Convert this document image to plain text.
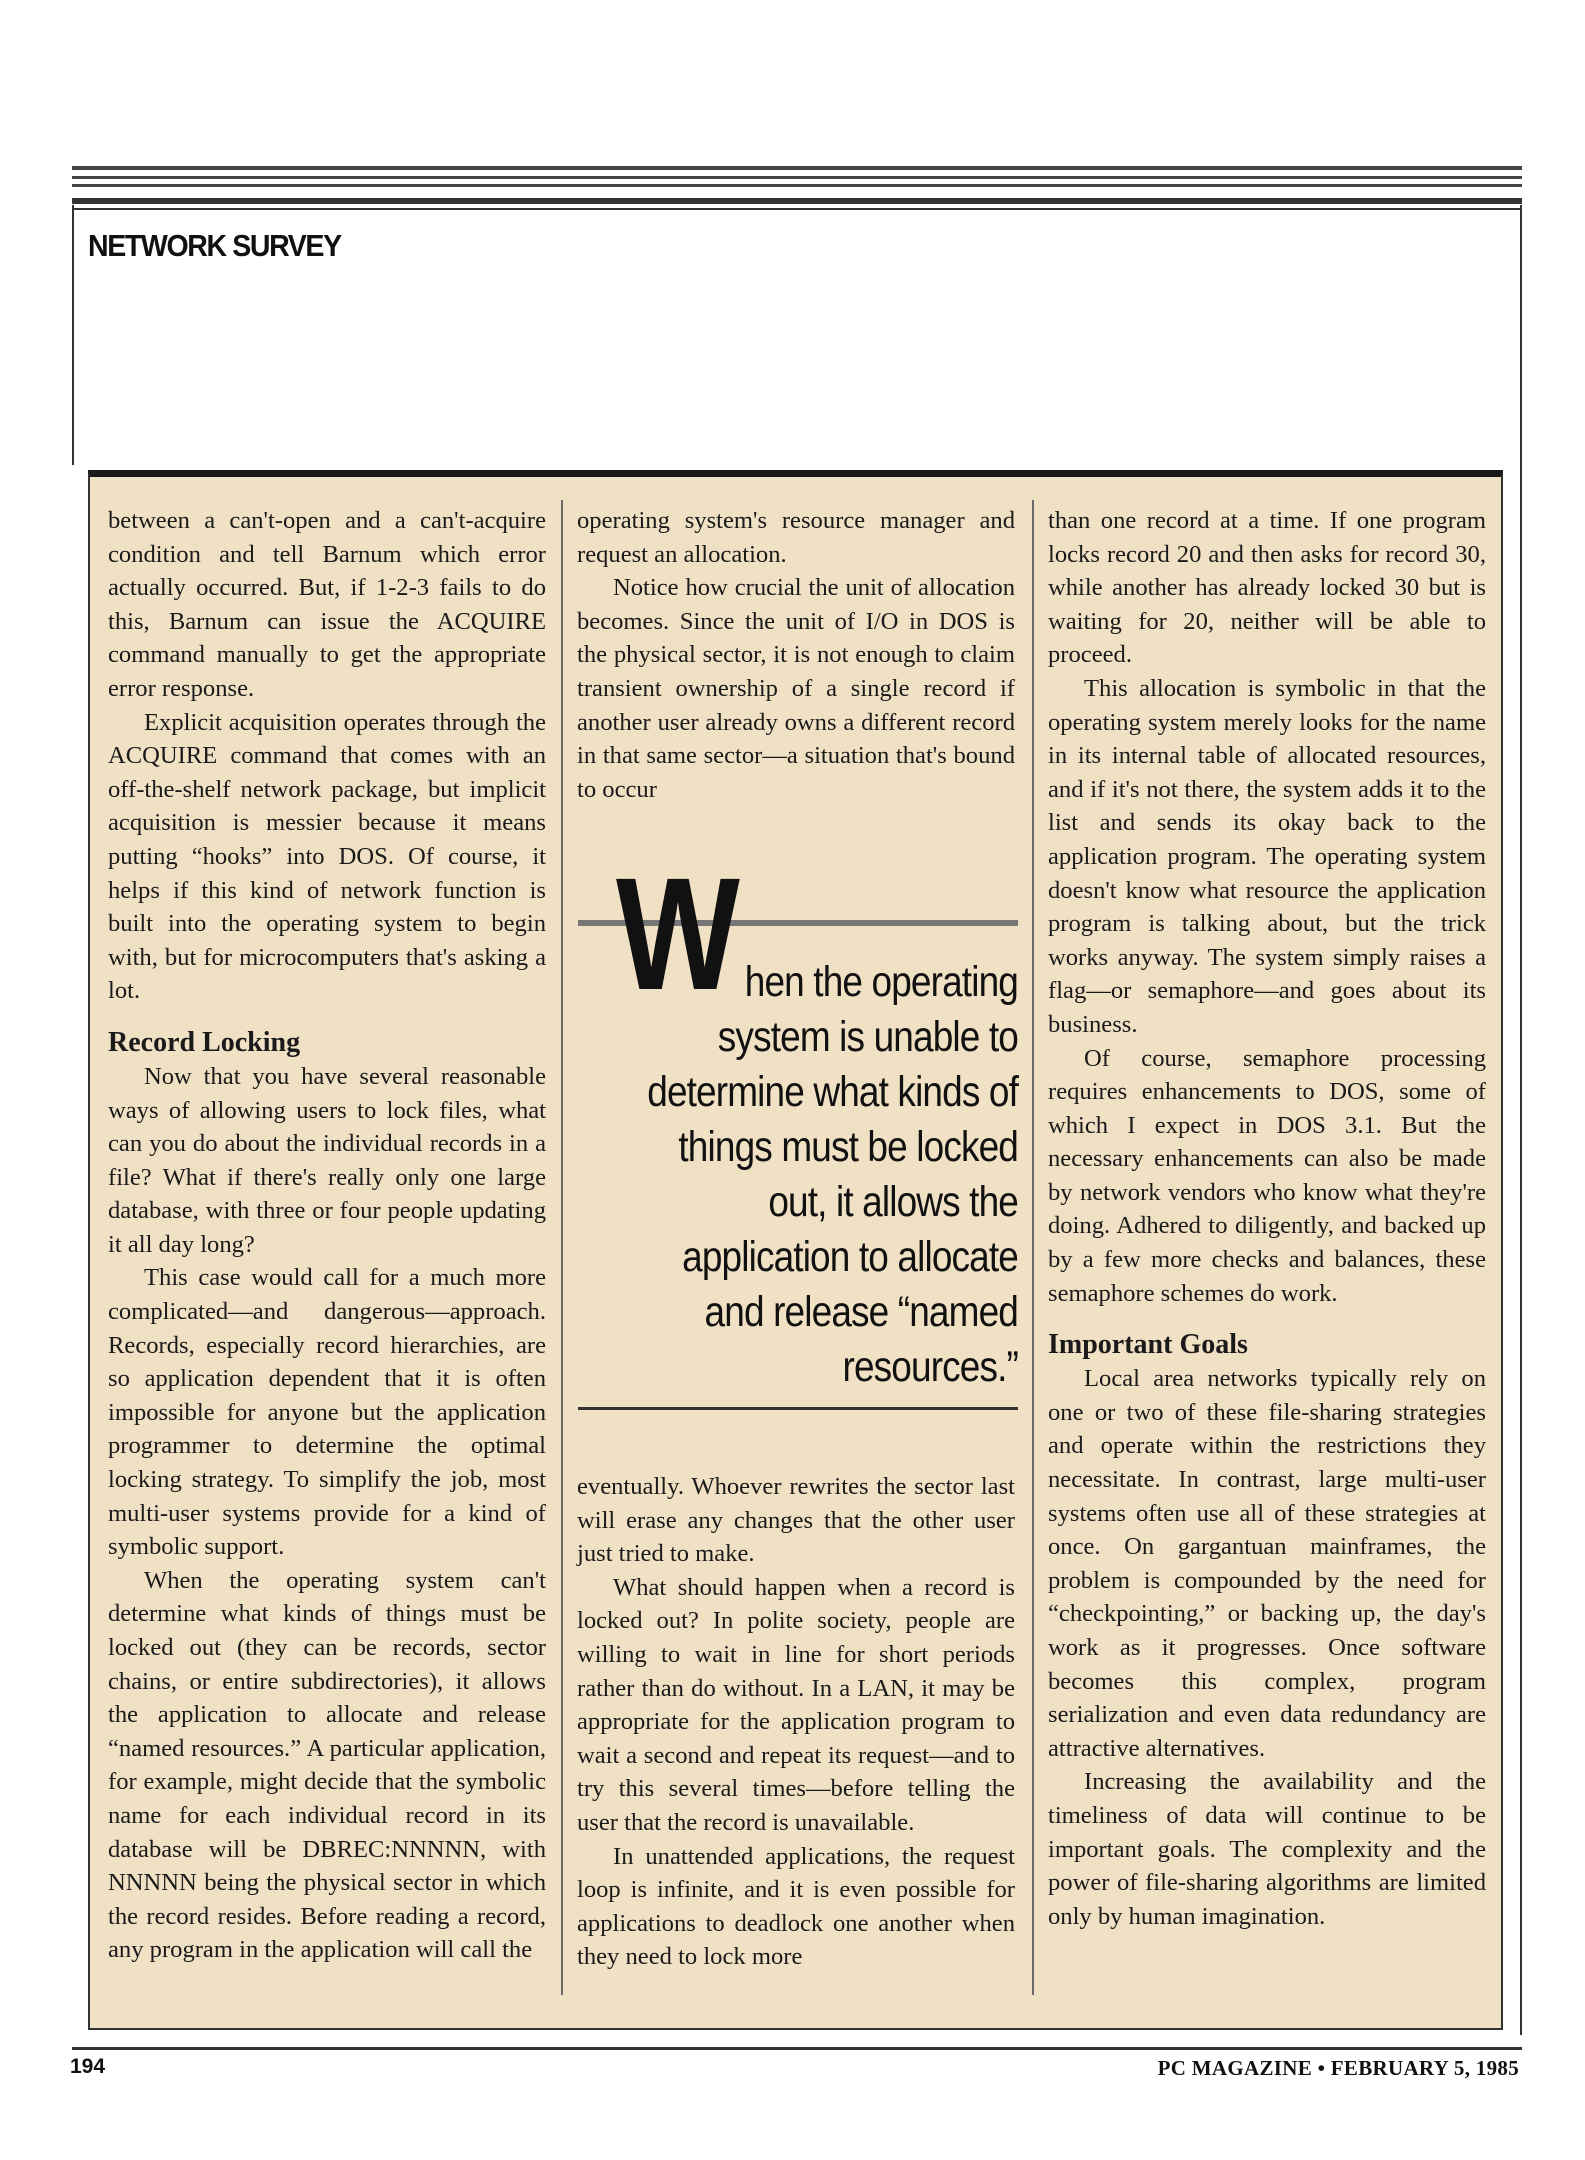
NETWORK SURVEY

between a can't-open and a can't-acquire condition and tell Barnum which error actually occurred. But, if 1-2-3 fails to do this, Barnum can issue the ACQUIRE command manually to get the appropriate error response.

Explicit acquisition operates through the ACQUIRE command that comes with an off-the-shelf network package, but implicit acquisition is messier because it means putting “hooks” into DOS. Of course, it helps if this kind of network function is built into the operating system to begin with, but for microcomputers that's asking a lot.

Record Locking

Now that you have several reasonable ways of allowing users to lock files, what can you do about the individual records in a file? What if there's really only one large database, with three or four people updating it all day long?

This case would call for a much more complicated—and dangerous—approach. Records, especially record hierarchies, are so application dependent that it is often impossible for anyone but the application programmer to determine the optimal locking strategy. To simplify the job, most multi-user systems provide for a kind of symbolic support.

When the operating system can't determine what kinds of things must be locked out (they can be records, sector chains, or entire subdirectories), it allows the application to allocate and release “named resources.” A particular application, for example, might decide that the symbolic name for each individual record in its database will be DBREC:NNNNN, with NNNNN being the physical sector in which the record resides. Before reading a record, any program in the application will call the

operating system's resource manager and request an allocation.

Notice how crucial the unit of allocation becomes. Since the unit of I/O in DOS is the physical sector, it is not enough to claim transient ownership of a single record if another user already owns a different record in that same sector—a situation that's bound to occur

W hen the operating system is unable to determine what kinds of things must be locked out, it allows the application to allocate and release “named resources.”

eventually. Whoever rewrites the sector last will erase any changes that the other user just tried to make.

What should happen when a record is locked out? In polite society, people are willing to wait in line for short periods rather than do without. In a LAN, it may be appropriate for the application program to wait a second and repeat its request—and to try this several times—before telling the user that the record is unavailable.

In unattended applications, the request loop is infinite, and it is even possible for applications to deadlock one another when they need to lock more

than one record at a time. If one program locks record 20 and then asks for record 30, while another has already locked 30 but is waiting for 20, neither will be able to proceed.

This allocation is symbolic in that the operating system merely looks for the name in its internal table of allocated resources, and if it's not there, the system adds it to the list and sends its okay back to the application program. The operating system doesn't know what resource the application program is talking about, but the trick works anyway. The system simply raises a flag—or semaphore—and goes about its business.

Of course, semaphore processing requires enhancements to DOS, some of which I expect in DOS 3.1. But the necessary enhancements can also be made by network vendors who know what they're doing. Adhered to diligently, and backed up by a few more checks and balances, these semaphore schemes do work.

Important Goals

Local area networks typically rely on one or two of these file-sharing strategies and operate within the restrictions they necessitate. In contrast, large multi-user systems often use all of these strategies at once. On gargantuan mainframes, the problem is compounded by the need for “checkpointing,” or backing up, the day's work as it progresses. Once software becomes this complex, program serialization and even data redundancy are attractive alternatives.

Increasing the availability and the timeliness of data will continue to be important goals. The complexity and the power of file-sharing algorithms are limited only by human imagination.

194	PC MAGAZINE • FEBRUARY 5, 1985
